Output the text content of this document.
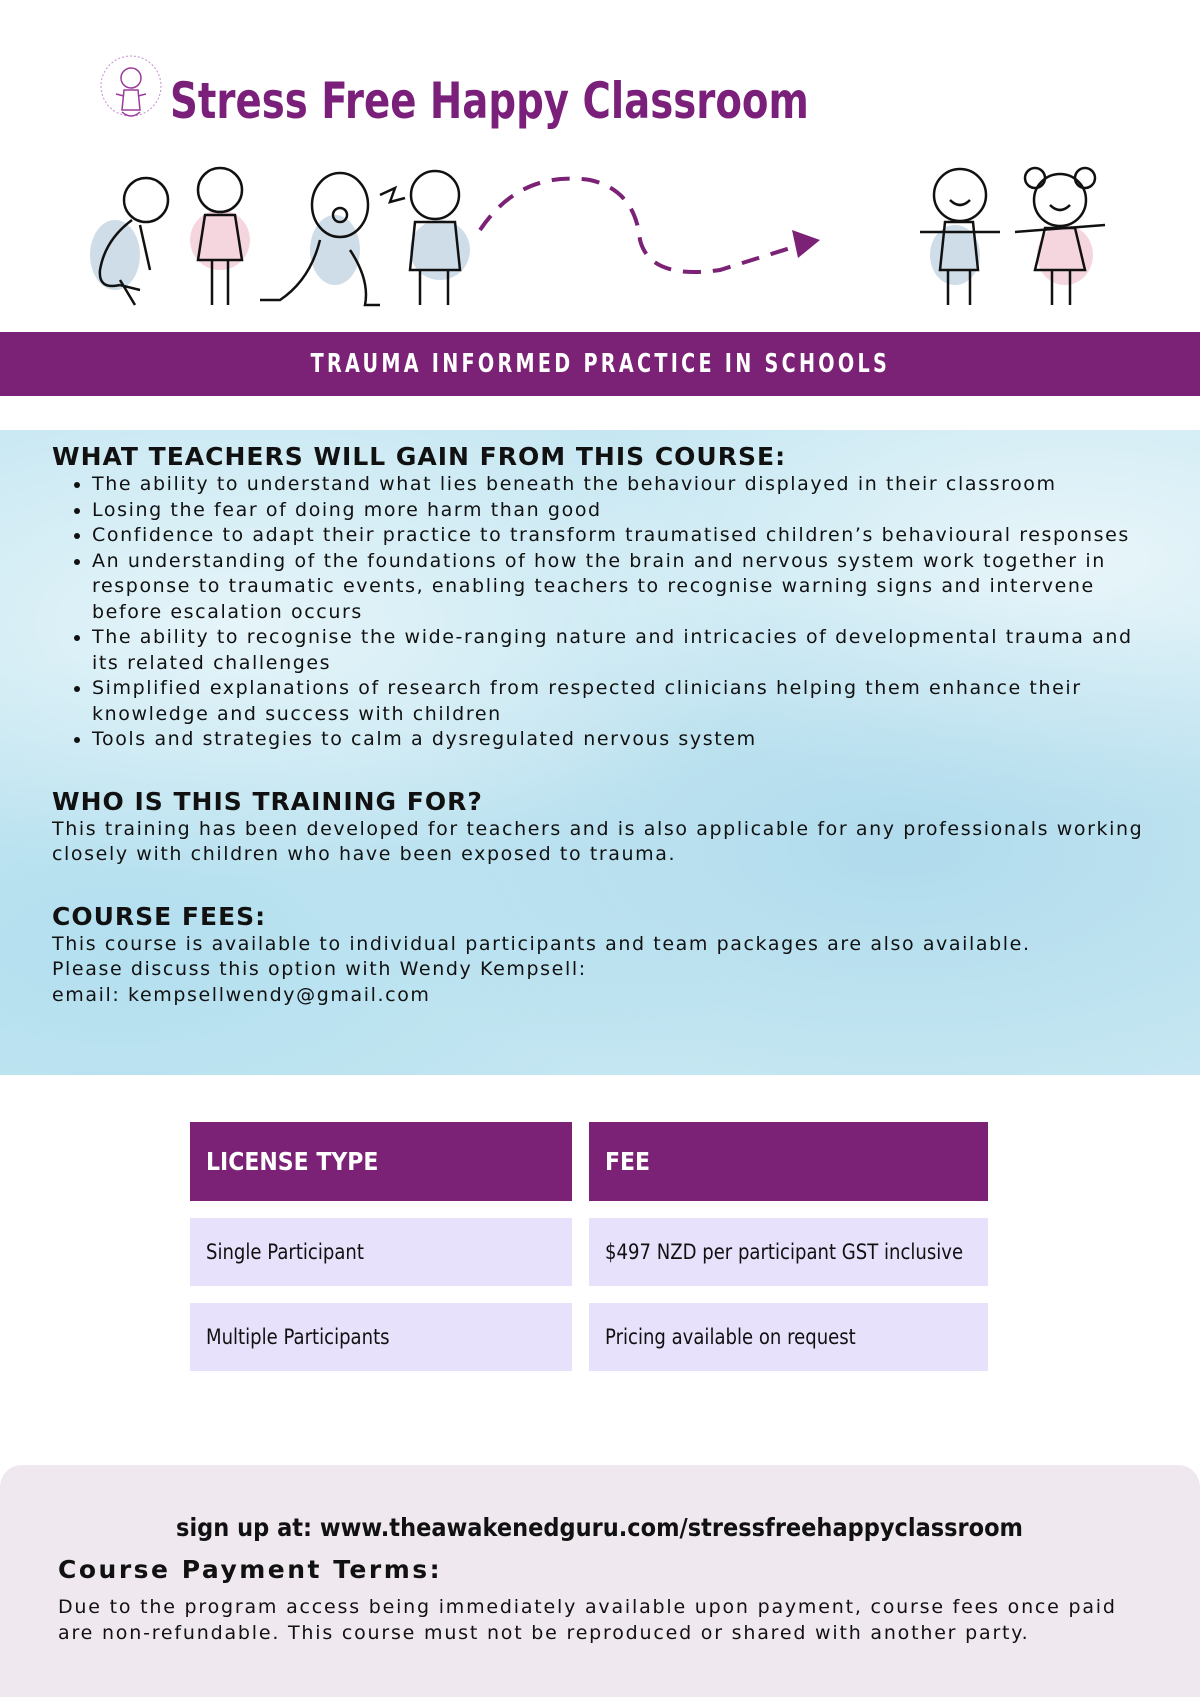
Stress Free Happy Classroom
TRAUMA INFORMED PRACTICE IN SCHOOLS
WHAT TEACHERS WILL GAIN FROM THIS COURSE:
• The ability to understand what lies beneath the behaviour displayed in their classroom
• Losing the fear of doing more harm than good
• Confidence to adapt their practice to transform traumatised children’s behavioural responses
• An understanding of the foundations of how the brain and nervous system work together in response to traumatic events, enabling teachers to recognise warning signs and intervene before escalation occurs
• The ability to recognise the wide-ranging nature and intricacies of developmental trauma and its related challenges
• Simplified explanations of research from respected clinicians helping them enhance their knowledge and success with children
• Tools and strategies to calm a dysregulated nervous system
WHO IS THIS TRAINING FOR?

This training has been developed for teachers and is also applicable for any professionals working closely with children who have been exposed to trauma.

COURSE FEES:

This course is available to individual participants and team packages are also available.

Please discuss this option with Wendy Kempsell:

email: kempsellwendy@gmail.com

LICENSE TYPE	FEE
Single Participant	$497 NZD per participant GST inclusive
Multiple Participants	Pricing available on request
sign up at: www.theawakenedguru.com/stressfreehappyclassroom
Course Payment Terms:

Due to the program access being immediately available upon payment, course fees once paid are non-refundable. This course must not be reproduced or shared with another party.
